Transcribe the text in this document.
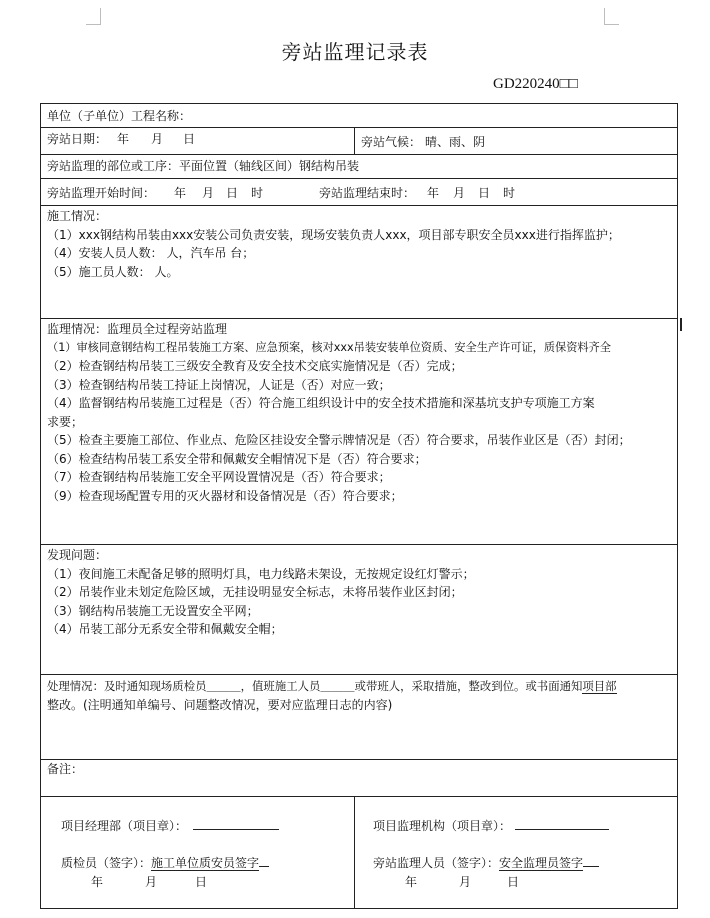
旁站监理记录表
GD220240□□
单位（子单位）工程名称：
旁站日期： 年 月 日	旁站气候： 晴、雨、阴
旁站监理的部位或工序：平面位置（轴线区间）钢结构吊装
旁站监理开始时间： 年 月 日 时	旁站监理结束时： 年 月 日 时
施工情况：
（1）xxx钢结构吊装由xxx安装公司负责安装，现场安装负责人xxx，项目部专职安全员xxx进行指挥监护；
（4）安装人员人数： 人，汽车吊 台；
（5）施工员人数： 人。
监理情况：监理员全过程旁站监理
（1）审核同意钢结构工程吊装施工方案、应急预案，核对xxx吊装安装单位资质、安全生产许可证，质保资料齐全
（2）检查钢结构吊装工三级安全教育及安全技术交底实施情况是（否）完成；
（3）检查钢结构吊装工持证上岗情况，人证是（否）对应一致；
（4）监督钢结构吊装施工过程是（否）符合施工组织设计中的安全技术措施和深基坑支护专项施工方案
求要；
（5）检查主要施工部位、作业点、危险区挂设安全警示牌情况是（否）符合要求，吊装作业区是（否）封闭；
（6）检查结构吊装工系安全带和佩戴安全帽情况下是（否）符合要求；
（7）检查钢结构吊装施工安全平网设置情况是（否）符合要求；
（9）检查现场配置专用的灭火器材和设备情况是（否）符合要求；
发现问题：
（1）夜间施工未配备足够的照明灯具，电力线路未架设，无按规定设红灯警示；
（2）吊装作业未划定危险区域，无挂设明显安全标志，未将吊装作业区封闭；
（3）钢结构吊装施工无设置安全平网；
（4）吊装工部分无系安全带和佩戴安全帽；
处理情况：及时通知现场质检员＿＿＿，值班施工人员＿＿＿或带班人，采取措施，整改到位。或书面通知项目部
整改。(注明通知单编号、问题整改情况，要对应监理日志的内容)
备注：
项目经理部（项目章）：
质检员（签字）：施工单位质安员签字
年	月	日
项目监理机构（项目章）：
旁站监理人员（签字）：安全监理员签字
年	月	日
